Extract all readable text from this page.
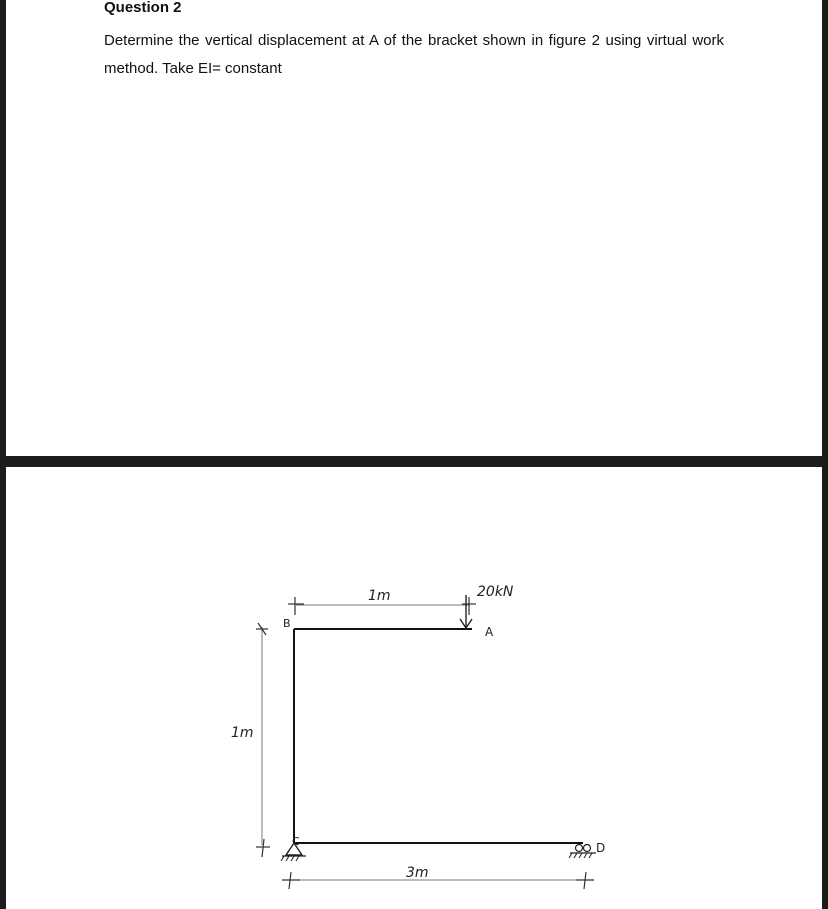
Question 2

Determine the vertical displacement at A of the bracket shown in figure 2 using virtual work method. Take EI= constant

1m	20kN
A
B
1m
C	D
3m
